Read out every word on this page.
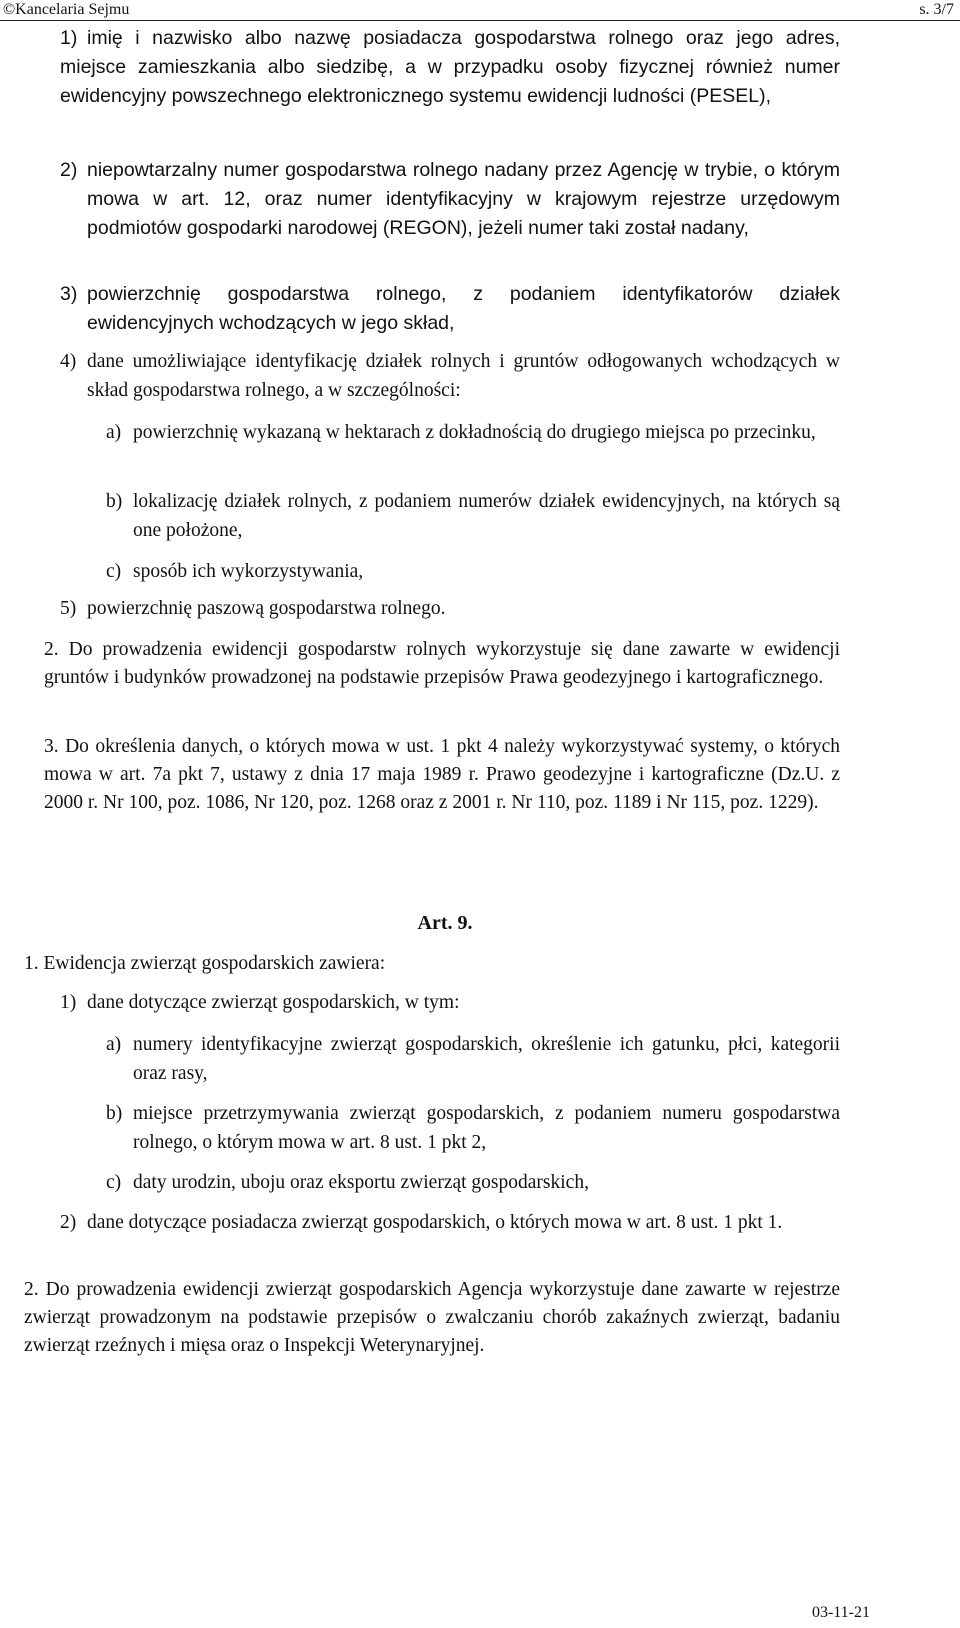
©Kancelaria Sejmu	s. 3/7
1) imię i nazwisko albo nazwę posiadacza gospodarstwa rolnego oraz jego adres, miejsce zamieszkania albo siedzibę, a w przypadku osoby fizycznej również numer ewidencyjny powszechnego elektronicznego systemu ewidencji ludności (PESEL),
2) niepowtarzalny numer gospodarstwa rolnego nadany przez Agencję w trybie, o którym mowa w art. 12, oraz numer identyfikacyjny w krajowym rejestrze urzędowym podmiotów gospodarki narodowej (REGON), jeżeli numer taki został nadany,
3) powierzchnię gospodarstwa rolnego, z podaniem identyfikatorów działek ewidencyjnych wchodzących w jego skład,
4) dane umożliwiające identyfikację działek rolnych i gruntów odłogowanych wchodzących w skład gospodarstwa rolnego, a w szczególności:
a) powierzchnię wykazaną w hektarach z dokładnością do drugiego miejsca po przecinku,
b) lokalizację działek rolnych, z podaniem numerów działek ewidencyjnych, na których są one położone,
c) sposób ich wykorzystywania,
5) powierzchnię paszową gospodarstwa rolnego.

2. Do prowadzenia ewidencji gospodarstw rolnych wykorzystuje się dane zawarte w ewidencji gruntów i budynków prowadzonej na podstawie przepisów Prawa geodezyjnego i kartograficznego.

3. Do określenia danych, o których mowa w ust. 1 pkt 4 należy wykorzystywać systemy, o których mowa w art. 7a pkt 7, ustawy z dnia 17 maja 1989 r. Prawo geodezyjne i kartograficzne (Dz.U. z 2000 r. Nr 100, poz. 1086, Nr 120, poz. 1268 oraz z 2001 r. Nr 110, poz. 1189 i Nr 115, poz. 1229).

Art. 9.

1. Ewidencja zwierząt gospodarskich zawiera:

1) dane dotyczące zwierząt gospodarskich, w tym:
a) numery identyfikacyjne zwierząt gospodarskich, określenie ich gatunku, płci, kategorii oraz rasy,
b) miejsce przetrzymywania zwierząt gospodarskich, z podaniem numeru gospodarstwa rolnego, o którym mowa w art. 8 ust. 1 pkt 2,
c) daty urodzin, uboju oraz eksportu zwierząt gospodarskich,
2) dane dotyczące posiadacza zwierząt gospodarskich, o których mowa w art. 8 ust. 1 pkt 1.

2. Do prowadzenia ewidencji zwierząt gospodarskich Agencja wykorzystuje dane zawarte w rejestrze zwierząt prowadzonym na podstawie przepisów o zwalczaniu chorób zakaźnych zwierząt, badaniu zwierząt rzeźnych i mięsa oraz o Inspekcji Weterynaryjnej.

03-11-21
